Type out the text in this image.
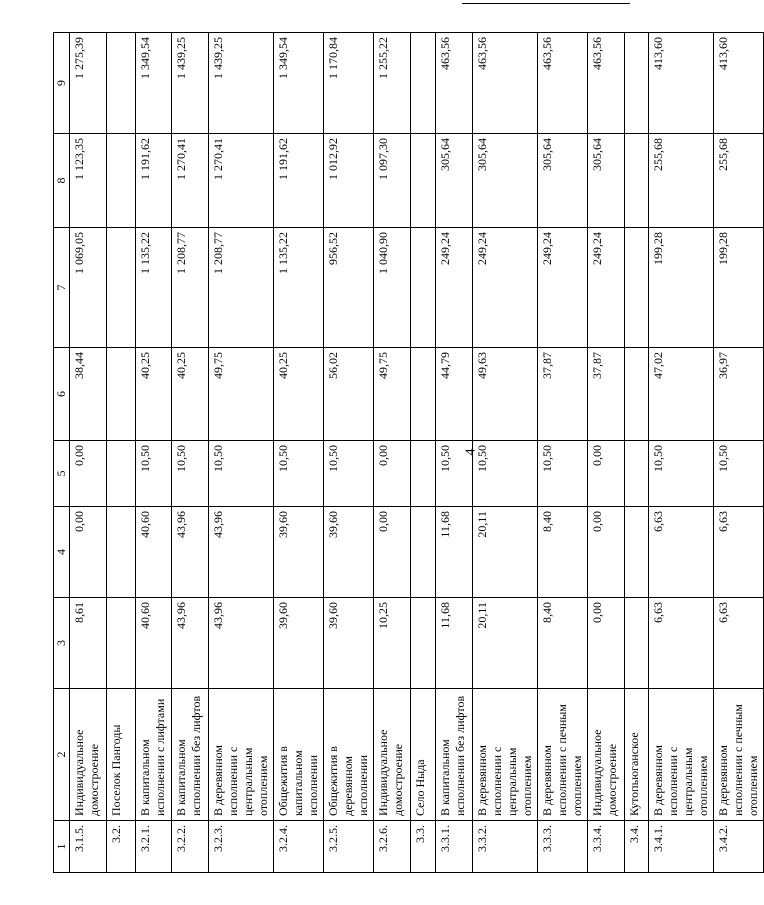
4
1	2	3	4	5	6	7	8	9
3.1.5.	Индивидуальное домостроение	8,61	0,00	0,00	38,44	1 069,05	1 123,35	1 275,39
3.2.	Поселок Пангоды							
3.2.1.	В капитальном исполнении с лифтами	40,60	40,60	10,50	40,25	1 135,22	1 191,62	1 349,54
3.2.2.	В капитальном исполнении без лифтов	43,96	43,96	10,50	40,25	1 208,77	1 270,41	1 439,25
3.2.3.	В деревянном исполнении с центральным отоплением	43,96	43,96	10,50	49,75	1 208,77	1 270,41	1 439,25
3.2.4.	Общежития в капитальном исполнении	39,60	39,60	10,50	40,25	1 135,22	1 191,62	1 349,54
3.2.5.	Общежития в деревянном исполнении	39,60	39,60	10,50	56,02	956,52	1 012,92	1 170,84
3.2.6.	Индивидуальное домостроение	10,25	0,00	0,00	49,75	1 040,90	1 097,30	1 255,22
3.3.	Село Ныда							
3.3.1.	В капитальном исполнении без лифтов	11,68	11,68	10,50	44,79	249,24	305,64	463,56
3.3.2.	В деревянном исполнении с центральным отоплением	20,11	20,11	10,50	49,63	249,24	305,64	463,56
3.3.3.	В деревянном исполнении с печным отоплением	8,40	8,40	10,50	37,87	249,24	305,64	463,56
3.3.4.	Индивидуальное домостроение	0,00	0,00	0,00	37,87	249,24	305,64	463,56
3.4.	Кутопьюганское							
3.4.1.	В деревянном исполнении с центральным отоплением	6,63	6,63	10,50	47,02	199,28	255,68	413,60
3.4.2.	В деревянном исполнении с печным отоплением	6,63	6,63	10,50	36,97	199,28	255,68	413,60
